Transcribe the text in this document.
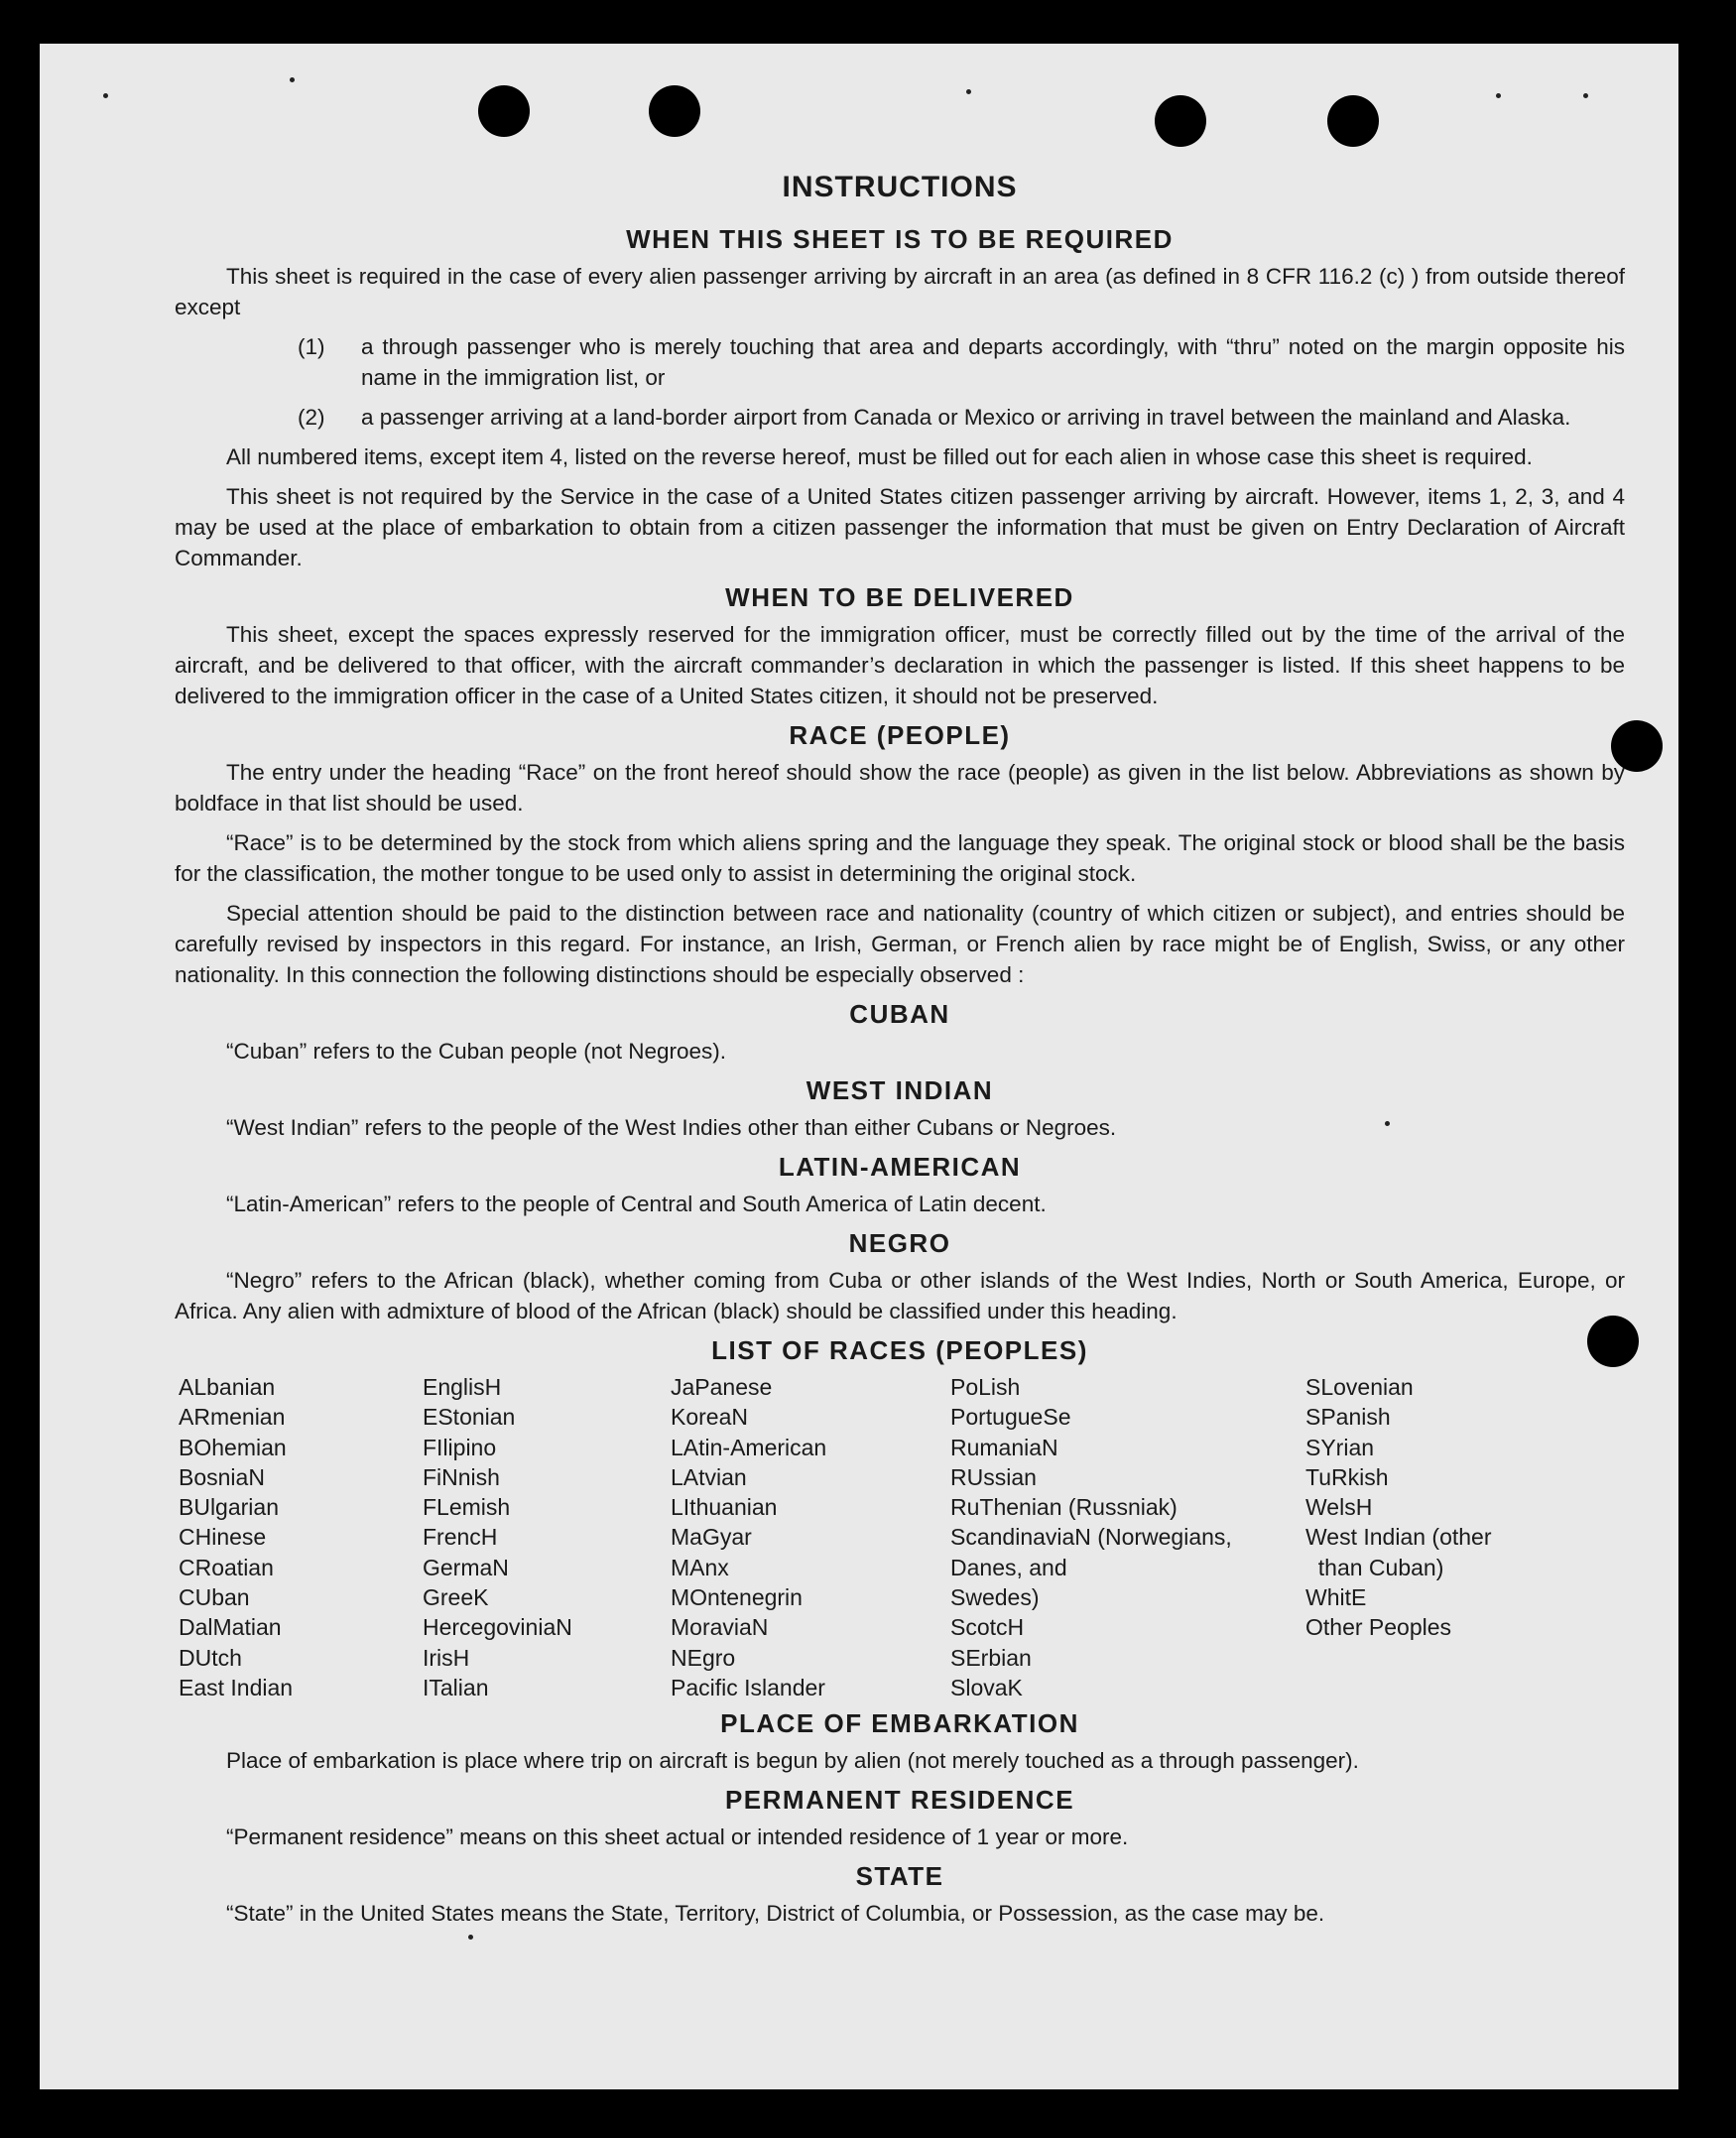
INSTRUCTIONS
WHEN THIS SHEET IS TO BE REQUIRED

This sheet is required in the case of every alien passenger arriving by aircraft in an area (as defined in 8 CFR 116.2 (c) ) from outside thereof except

(1)	a through passenger who is merely touching that area and departs accordingly, with “thru” noted on the margin opposite his name in the immigration list, or
(2)	a passenger arriving at a land-border airport from Canada or Mexico or arriving in travel between the mainland and Alaska.

All numbered items, except item 4, listed on the reverse hereof, must be filled out for each alien in whose case this sheet is required.

This sheet is not required by the Service in the case of a United States citizen passenger arriving by aircraft. However, items 1, 2, 3, and 4 may be used at the place of embarkation to obtain from a citizen passenger the information that must be given on Entry Declaration of Aircraft Commander.

WHEN TO BE DELIVERED

This sheet, except the spaces expressly reserved for the immigration officer, must be correctly filled out by the time of the arrival of the aircraft, and be delivered to that officer, with the aircraft commander’s declaration in which the passenger is listed. If this sheet happens to be delivered to the immigration officer in the case of a United States citizen, it should not be preserved.

RACE (PEOPLE)

The entry under the heading “Race” on the front hereof should show the race (people) as given in the list below. Abbreviations as shown by boldface in that list should be used.

“Race” is to be determined by the stock from which aliens spring and the language they speak. The original stock or blood shall be the basis for the classification, the mother tongue to be used only to assist in determining the original stock.

Special attention should be paid to the distinction between race and nationality (country of which citizen or subject), and entries should be carefully revised by inspectors in this regard. For instance, an Irish, German, or French alien by race might be of English, Swiss, or any other nationality. In this connection the following distinctions should be especially observed :

CUBAN

“Cuban” refers to the Cuban people (not Negroes).

WEST INDIAN

“West Indian” refers to the people of the West Indies other than either Cubans or Negroes.

LATIN-AMERICAN

“Latin-American” refers to the people of Central and South America of Latin decent.

NEGRO

“Negro” refers to the African (black), whether coming from Cuba or other islands of the West Indies, North or South America, Europe, or Africa. Any alien with admixture of blood of the African (black) should be classified under this heading.

LIST OF RACES (PEOPLES)
ALbanian
ARmenian
BOhemian
BosniaN
BUlgarian
CHinese
CRoatian
CUban
DalMatian
DUtch
East Indian
EnglisH
EStonian
FIlipino
FiNnish
FLemish
FrencH
GermaN
GreeK
HercegoviniaN
IrisH
ITalian
JaPanese
KoreaN
LAtin-American
LAtvian
LIthuanian
MaGyar
MAnx
MOntenegrin
MoraviaN
NEgro
Pacific Islander
PoLish
PortugueSe
RumaniaN
RUssian
RuThenian (Russniak)
ScandinaviaN (Norwegians,
Danes, and
Swedes)
ScotcH
SErbian
SlovaK
SLovenian
SPanish
SYrian
TuRkish
WelsH
West Indian (other
than Cuban)
WhitE
Other Peoples
PLACE OF EMBARKATION

Place of embarkation is place where trip on aircraft is begun by alien (not merely touched as a through passenger).

PERMANENT RESIDENCE

“Permanent residence” means on this sheet actual or intended residence of 1 year or more.

STATE

“State” in the United States means the State, Territory, District of Columbia, or Possession, as the case may be.
